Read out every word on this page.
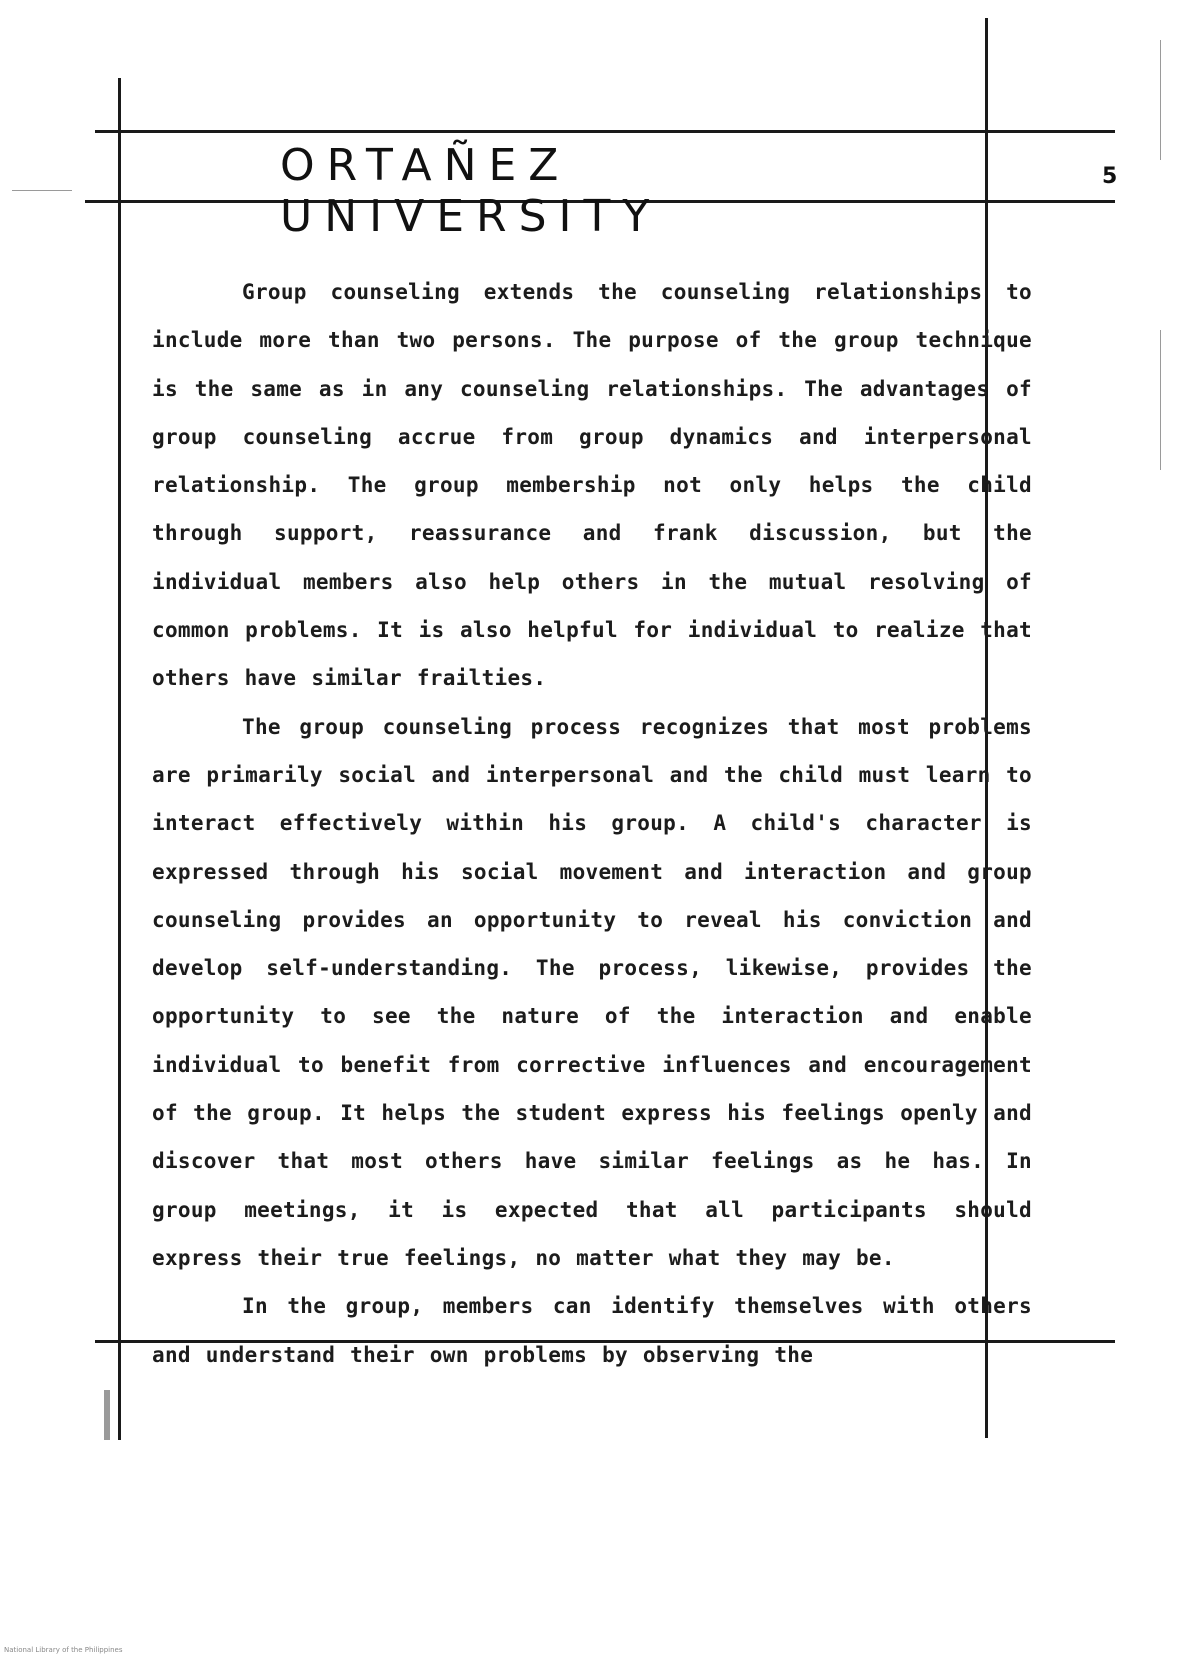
ORTAÑEZ UNIVERSITY
5

Group counseling extends the counseling relationships to include more than two persons. The purpose of the group technique is the same as in any counseling relationships. The advantages of group counseling accrue from group dynamics and interpersonal relationship. The group membership not only helps the child through support, reassurance and frank discussion, but the individual members also help others in the mutual resolving of common problems. It is also helpful for individual to realize that others have similar frailties.

The group counseling process recognizes that most problems are primarily social and interpersonal and the child must learn to interact effectively within his group. A child's character is expressed through his social movement and interaction and group counseling provides an opportunity to reveal his conviction and develop self-understanding. The process, likewise, provides the opportunity to see the nature of the interaction and enable individual to benefit from corrective influences and encouragement of the group. It helps the student express his feelings openly and discover that most others have similar feelings as he has. In group meetings, it is expected that all participants should express their true feelings, no matter what they may be.

In the group, members can identify themselves with others and understand their own problems by observing the

National Library of the Philippines
